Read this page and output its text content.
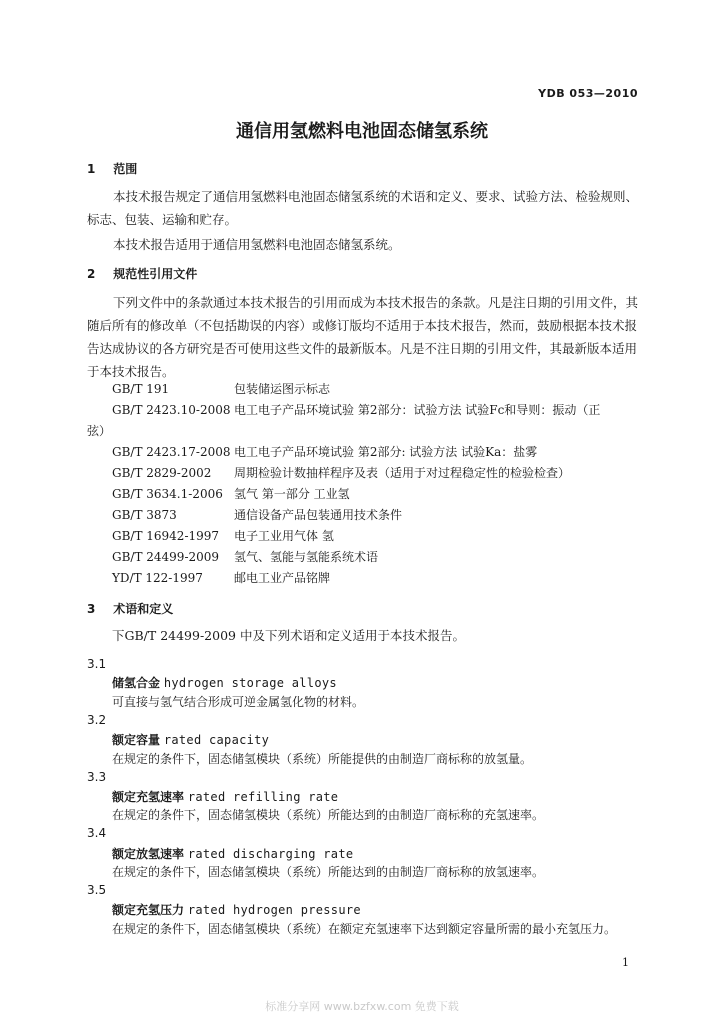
YDB 053—2010
通信用氢燃料电池固态储氢系统
1 范围
本技术报告规定了通信用氢燃料电池固态储氢系统的术语和定义、要求、试验方法、检验规则、标志、包装、运输和贮存。
本技术报告适用于通信用氢燃料电池固态储氢系统。
2 规范性引用文件
下列文件中的条款通过本技术报告的引用而成为本技术报告的条款。凡是注日期的引用文件，其随后所有的修改单（不包括勘误的内容）或修订版均不适用于本技术报告，然而，鼓励根据本技术报告达成协议的各方研究是否可使用这些文件的最新版本。凡是不注日期的引用文件，其最新版本适用于本技术报告。
GB/T 191	包装储运图示标志
GB/T 2423.10-2008 电工电子产品环境试验 第2部分：试验方法 试验Fc和导则：振动（正
弦）
GB/T 2423.17-2008 电工电子产品环境试验 第2部分: 试验方法 试验Ka：盐雾
GB/T 2829-2002 周期检验计数抽样程序及表（适用于对过程稳定性的检验检查）
GB/T 3634.1-2006 氢气 第一部分 工业氢
GB/T 3873	通信设备产品包装通用技术条件
GB/T 16942-1997 电子工业用气体 氢
GB/T 24499-2009 氢气、氢能与氢能系统术语
YD/T 122-1997	邮电工业产品铭牌
3 术语和定义
下GB/T 24499-2009 中及下列术语和定义适用于本技术报告。
3.1
储氢合金 hydrogen storage alloys
可直接与氢气结合形成可逆金属氢化物的材料。
3.2
额定容量 rated capacity
在规定的条件下，固态储氢模块（系统）所能提供的由制造厂商标称的放氢量。
3.3
额定充氢速率 rated refilling rate
在规定的条件下，固态储氢模块（系统）所能达到的由制造厂商标称的充氢速率。
3.4
额定放氢速率 rated discharging rate
在规定的条件下，固态储氢模块（系统）所能达到的由制造厂商标称的放氢速率。
3.5
额定充氢压力 rated hydrogen pressure
在规定的条件下，固态储氢模块（系统）在额定充氢速率下达到额定容量所需的最小充氢压力。
1
标准分享网 www.bzfxw.com 免费下载
